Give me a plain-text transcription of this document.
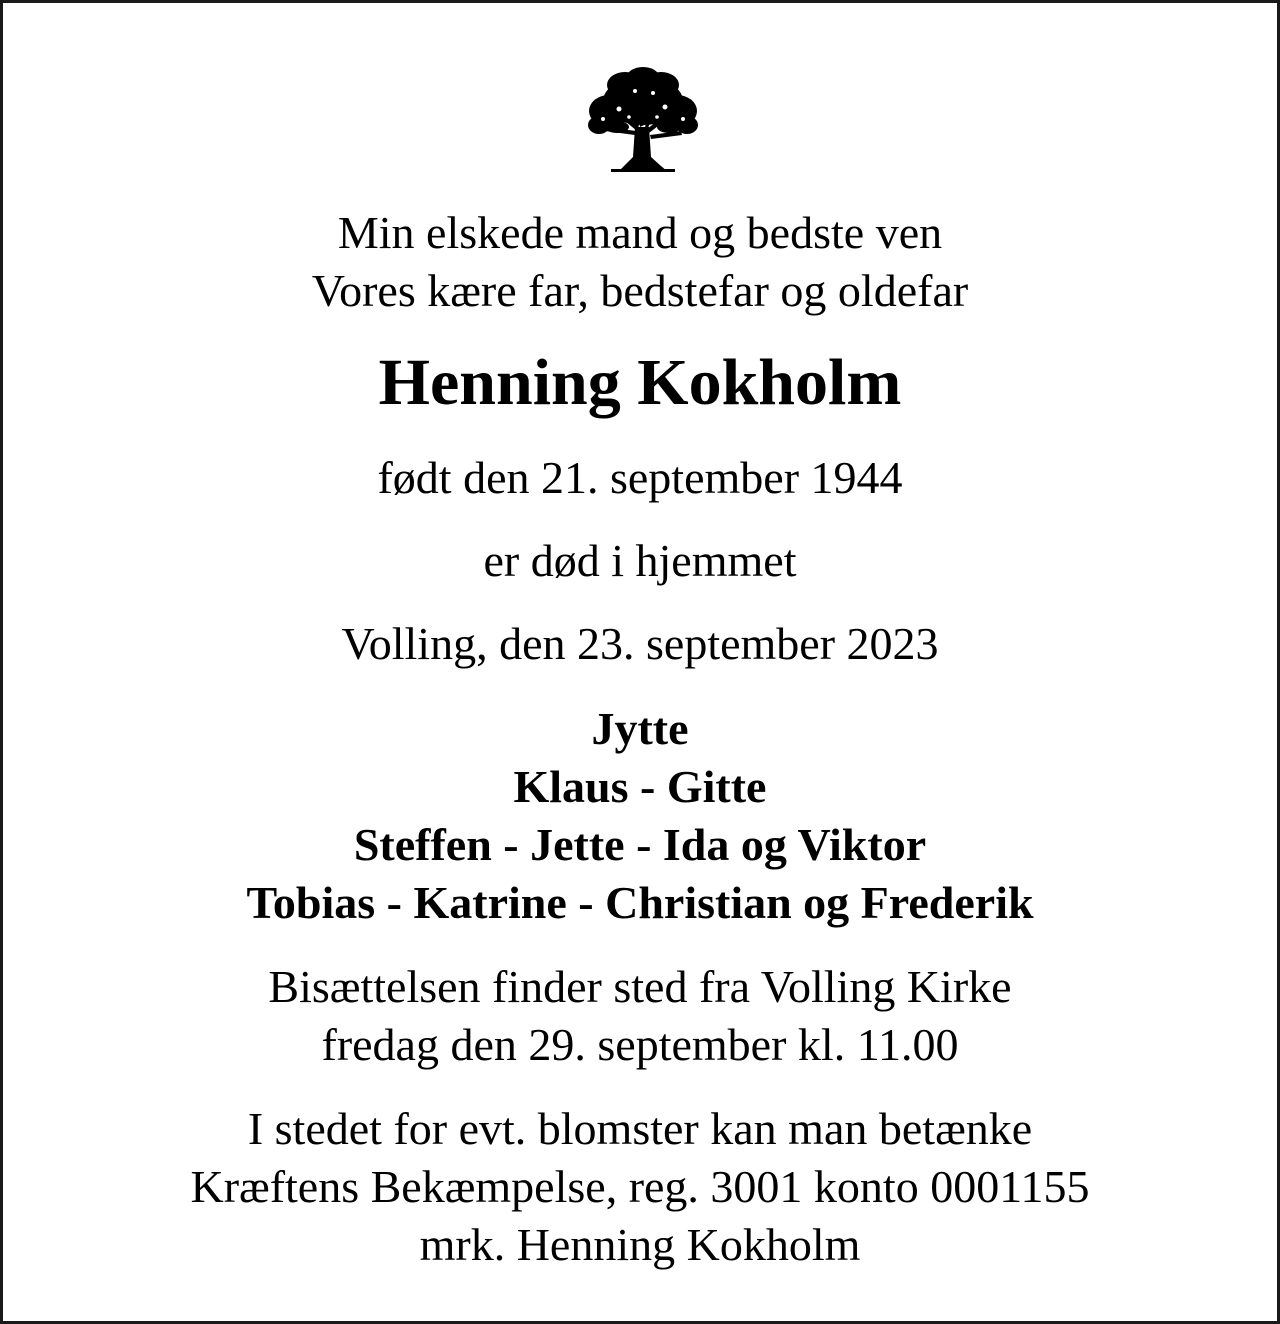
Min elskede mand og bedste ven
Vores kære far, bedstefar og oldefar
Henning Kokholm
født den 21. september 1944
er død i hjemmet
Volling, den 23. september 2023
Jytte
Klaus - Gitte
Steffen - Jette - Ida og Viktor
Tobias - Katrine - Christian og Frederik
Bisættelsen finder sted fra Volling Kirke
fredag den 29. september kl. 11.00
I stedet for evt. blomster kan man betænke
Kræftens Bekæmpelse, reg. 3001 konto 0001155
mrk. Henning Kokholm
